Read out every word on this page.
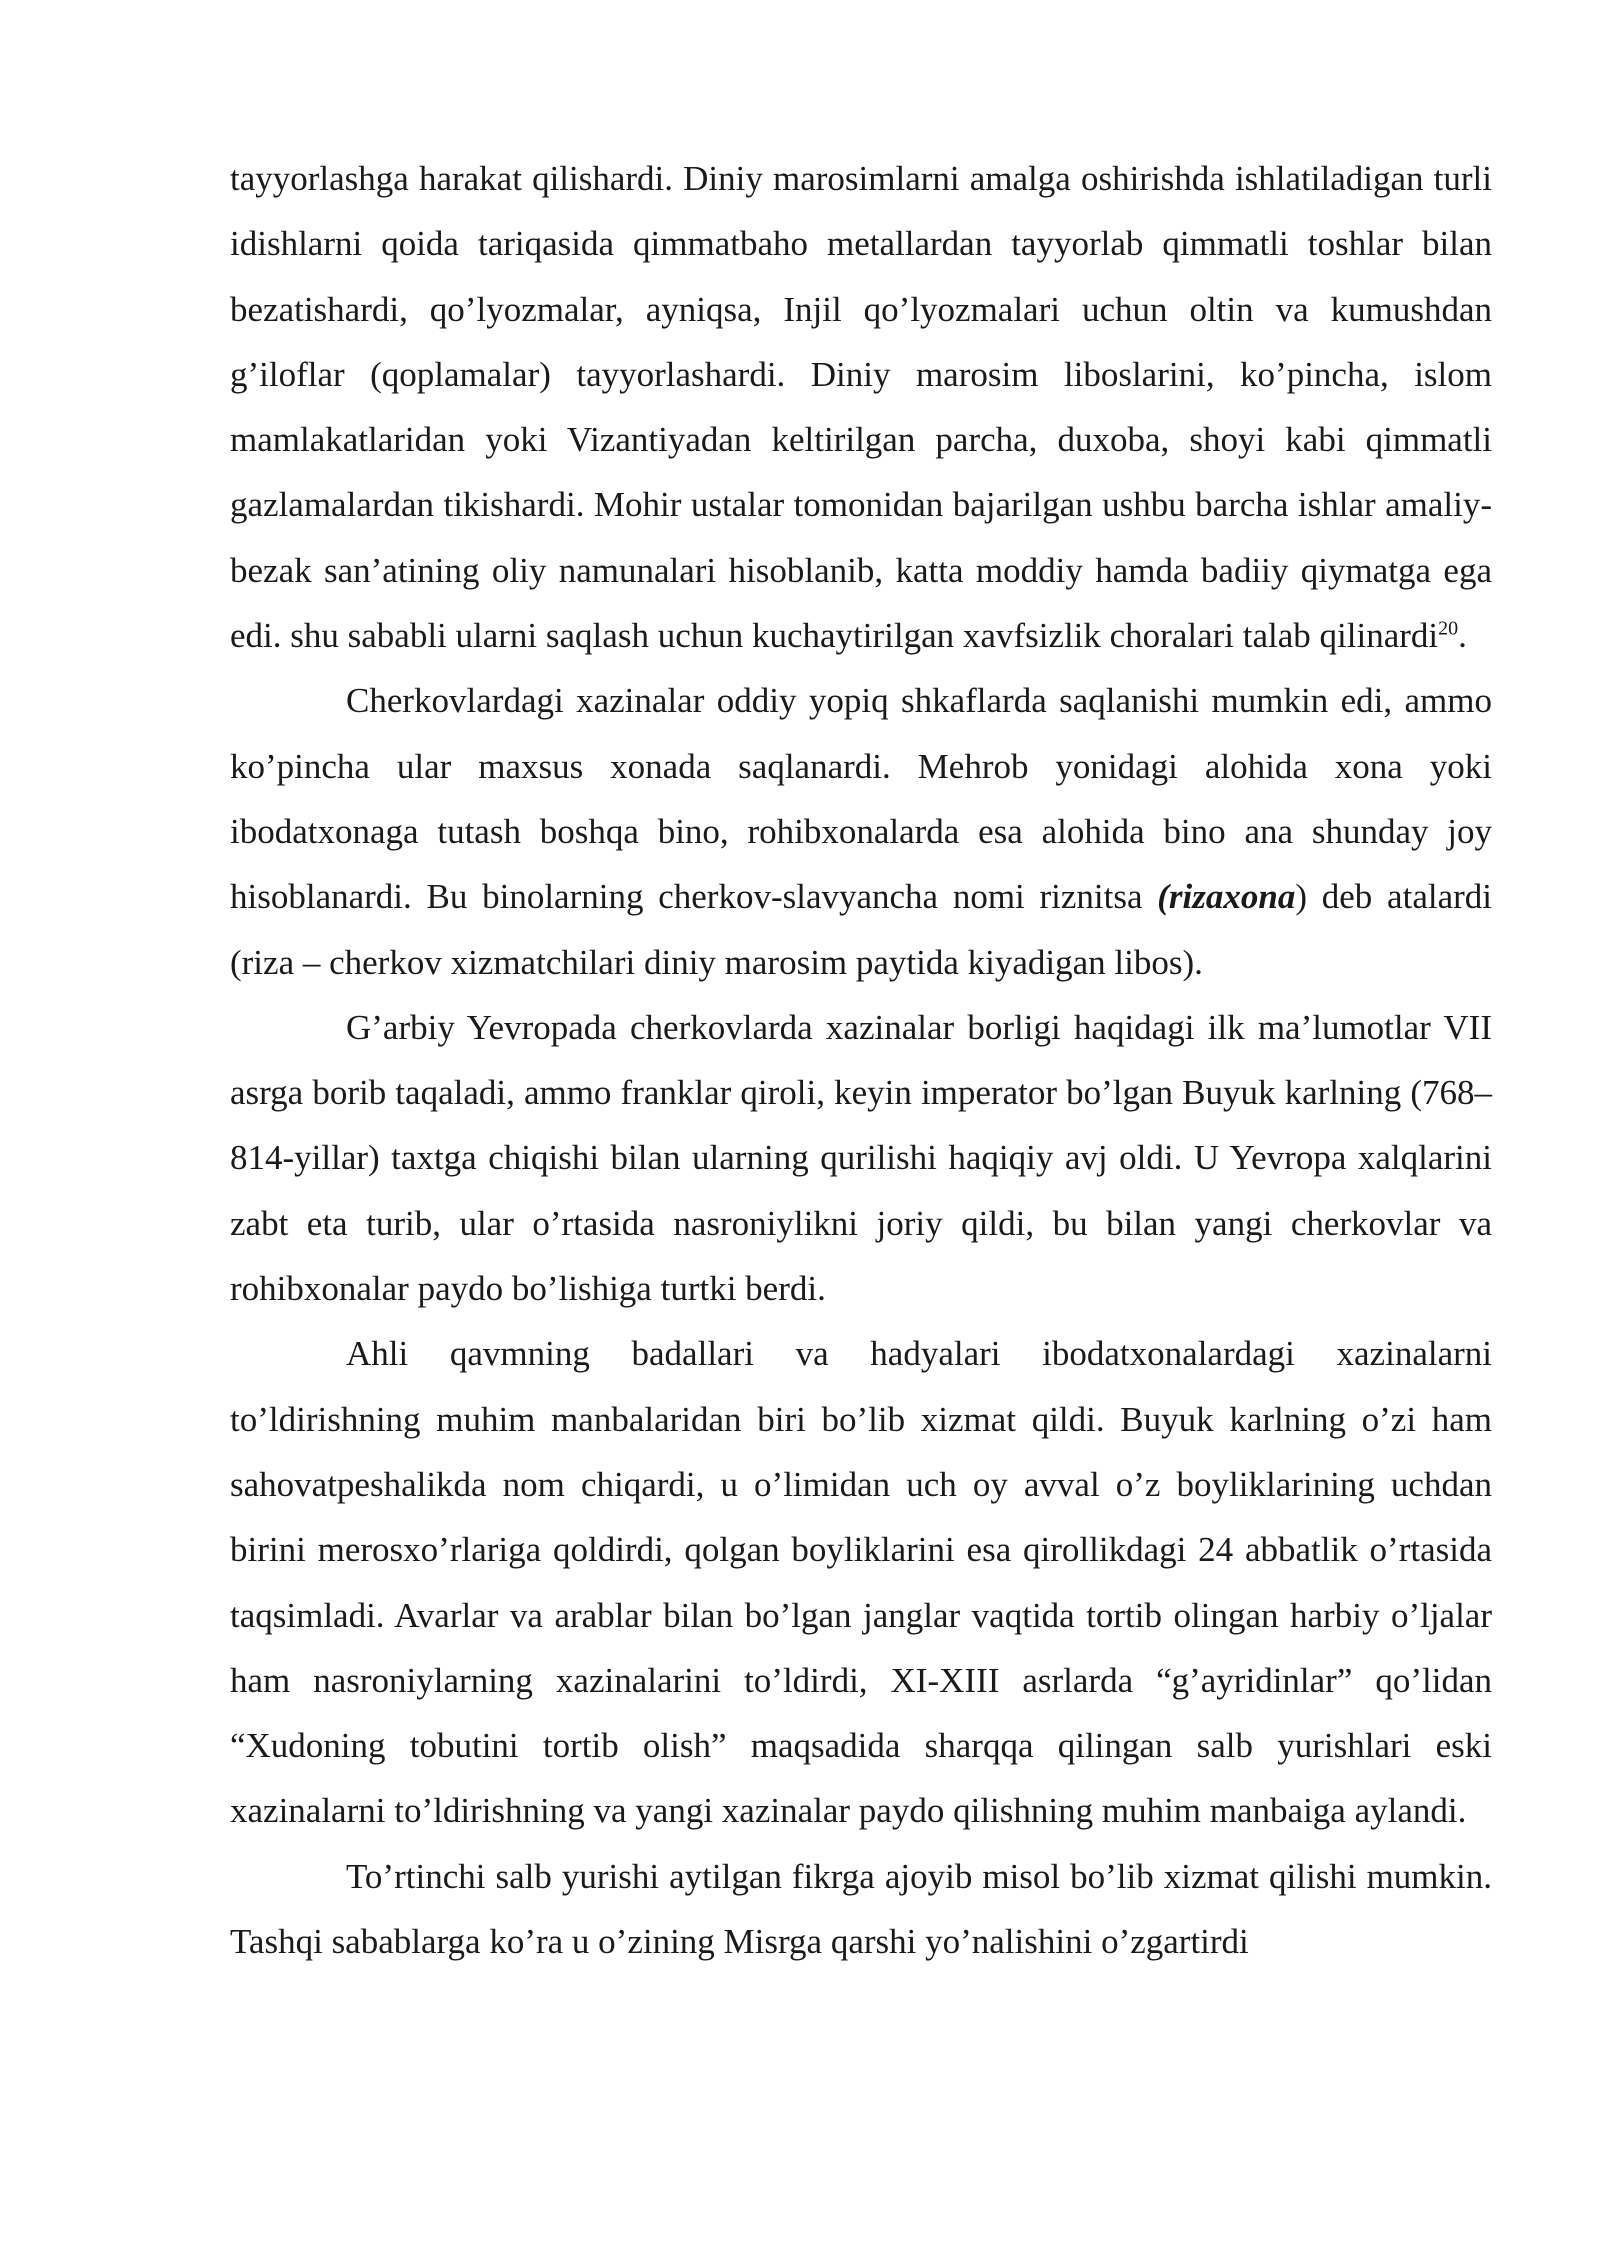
tayyorlashga harakat qilishardi. Diniy marosimlarni amalga oshirishda ishlatiladigan turli idishlarni qoida tariqasida qimmatbaho metallardan tayyorlab qimmatli toshlar bilan bezatishardi, qo’lyozmalar, ayniqsa, Injil qo’lyozmalari uchun oltin va kumushdan g’iloflar (qoplamalar) tayyorlashardi. Diniy marosim liboslarini, ko’pincha, islom mamlakatlaridan yoki Vizantiyadan keltirilgan parcha, duxoba, shoyi kabi qimmatli gazlamalardan tikishardi. Mohir ustalar tomonidan bajarilgan ushbu barcha ishlar amaliy-bezak san’atining oliy namunalari hisoblanib, katta moddiy hamda badiiy qiymatga ega edi. shu sababli ularni saqlash uchun kuchaytirilgan xavfsizlik choralari talab qilinardi$^{20}$.

Cherkovlardagi xazinalar oddiy yopiq shkaflarda saqlanishi mumkin edi, ammo ko’pincha ular maxsus xonada saqlanardi. Mehrob yonidagi alohida xona yoki ibodatxonaga tutash boshqa bino, rohibxonalarda esa alohida bino ana shunday joy hisoblanardi. Bu binolarning cherkov-slavyancha nomi riznitsa (rizaxona) deb atalardi (riza – cherkov xizmatchilari diniy marosim paytida kiyadigan libos).

G’arbiy Yevropada cherkovlarda xazinalar borligi haqidagi ilk ma’lumotlar VII asrga borib taqaladi, ammo franklar qiroli, keyin imperator bo’lgan Buyuk karlning (768–814-yillar) taxtga chiqishi bilan ularning qurilishi haqiqiy avj oldi. U Yevropa xalqlarini zabt eta turib, ular o’rtasida nasroniylikni joriy qildi, bu bilan yangi cherkovlar va rohibxonalar paydo bo’lishiga turtki berdi.

Ahli qavmning badallari va hadyalari ibodatxonalardagi xazinalarni to’ldirishning muhim manbalaridan biri bo’lib xizmat qildi. Buyuk karlning o’zi ham sahovatpeshalikda nom chiqardi, u o’limidan uch oy avval o’z boyliklarining uchdan birini merosxo’rlariga qoldirdi, qolgan boyliklarini esa qirollikdagi 24 abbatlik o’rtasida taqsimladi. Avarlar va arablar bilan bo’lgan janglar vaqtida tortib olingan harbiy o’ljalar ham nasroniylarning xazinalarini to’ldirdi, XI-XIII asrlarda “g’ayridinlar” qo’lidan “Xudoning tobutini tortib olish” maqsadida sharqqa qilingan salb yurishlari eski xazinalarni to’ldirishning va yangi xazinalar paydo qilishning muhim manbaiga aylandi.

To’rtinchi salb yurishi aytilgan fikrga ajoyib misol bo’lib xizmat qilishi mumkin. Tashqi sabablarga ko’ra u o’zining Misrga qarshi yo’nalishini o’zgartirdi
